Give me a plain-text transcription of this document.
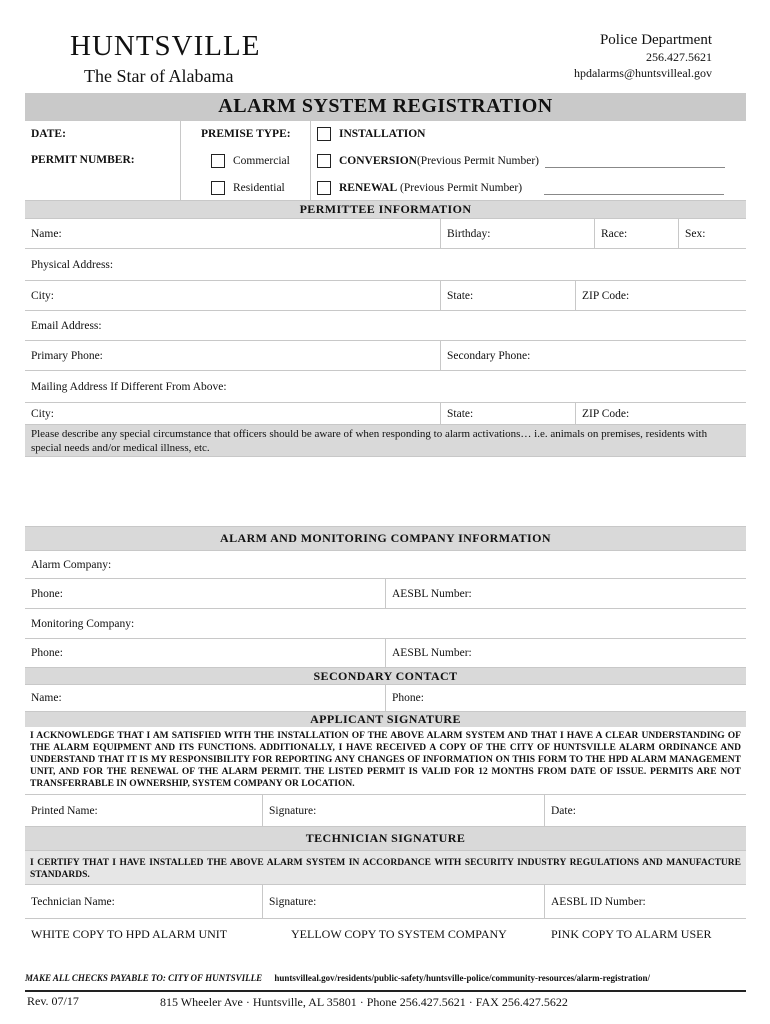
HUNTSVILLE
The Star of Alabama
Police Department
256.427.5621
hpdalarms@huntsvilleal.gov
ALARM SYSTEM REGISTRATION
DATE:
PERMIT NUMBER:
PREMISE TYPE:
Commercial
Residential
INSTALLATION
CONVERSION (Previous Permit Number)
RENEWAL
(Previous Permit Number)
PERMITTEE INFORMATION
Name:	Birthday:	Race:	Sex:
Physical Address:
City:	State:	ZIP Code:
Email Address:
Primary Phone:	Secondary Phone:
Mailing Address If Different From Above:
City:	State:	ZIP Code:
Please describe any special circumstance that officers should be aware of when responding to alarm activations… i.e. animals on premises, residents with special needs and/or medical illness, etc.
ALARM AND MONITORING COMPANY INFORMATION
Alarm Company:
Phone:	AESBL Number:
Monitoring Company:
Phone:	AESBL Number:
SECONDARY CONTACT
Name:	Phone:
APPLICANT SIGNATURE
I ACKNOWLEDGE THAT I AM SATISFIED WITH THE INSTALLATION OF THE ABOVE ALARM SYSTEM AND THAT I HAVE A CLEAR UNDERSTANDING OF THE ALARM EQUIPMENT AND ITS FUNCTIONS. ADDITIONALLY, I HAVE RECEIVED A COPY OF THE CITY OF HUNTSVILLE ALARM ORDINANCE AND UNDERSTAND THAT IT IS MY RESPONSIBILITY FOR REPORTING ANY CHANGES OF INFORMATION ON THIS FORM TO THE HPD ALARM MANAGEMENT UNIT, AND FOR THE RENEWAL OF THE ALARM PERMIT. THE LISTED PERMIT IS VALID FOR 12 MONTHS FROM DATE OF ISSUE. PERMITS ARE NOT TRANSFERRABLE IN OWNERSHIP, SYSTEM COMPANY OR LOCATION.
Printed Name:	Signature:	Date:
TECHNICIAN SIGNATURE
I CERTIFY THAT I HAVE INSTALLED THE ABOVE ALARM SYSTEM IN ACCORDANCE WITH SECURITY INDUSTRY REGULATIONS AND MANUFACTURE STANDARDS.
Technician Name:	Signature:	AESBL ID Number:
WHITE COPY TO HPD ALARM UNIT	YELLOW COPY TO SYSTEM COMPANY	PINK COPY TO ALARM USER
MAKE ALL CHECKS PAYABLE TO: CITY OF HUNTSVILLE huntsvilleal.gov/residents/public-safety/huntsville-police/community-resources/alarm-registration/
Rev. 07/17	815 Wheeler Ave · Huntsville, AL 35801 · Phone 256.427.5621 · FAX 256.427.5622
